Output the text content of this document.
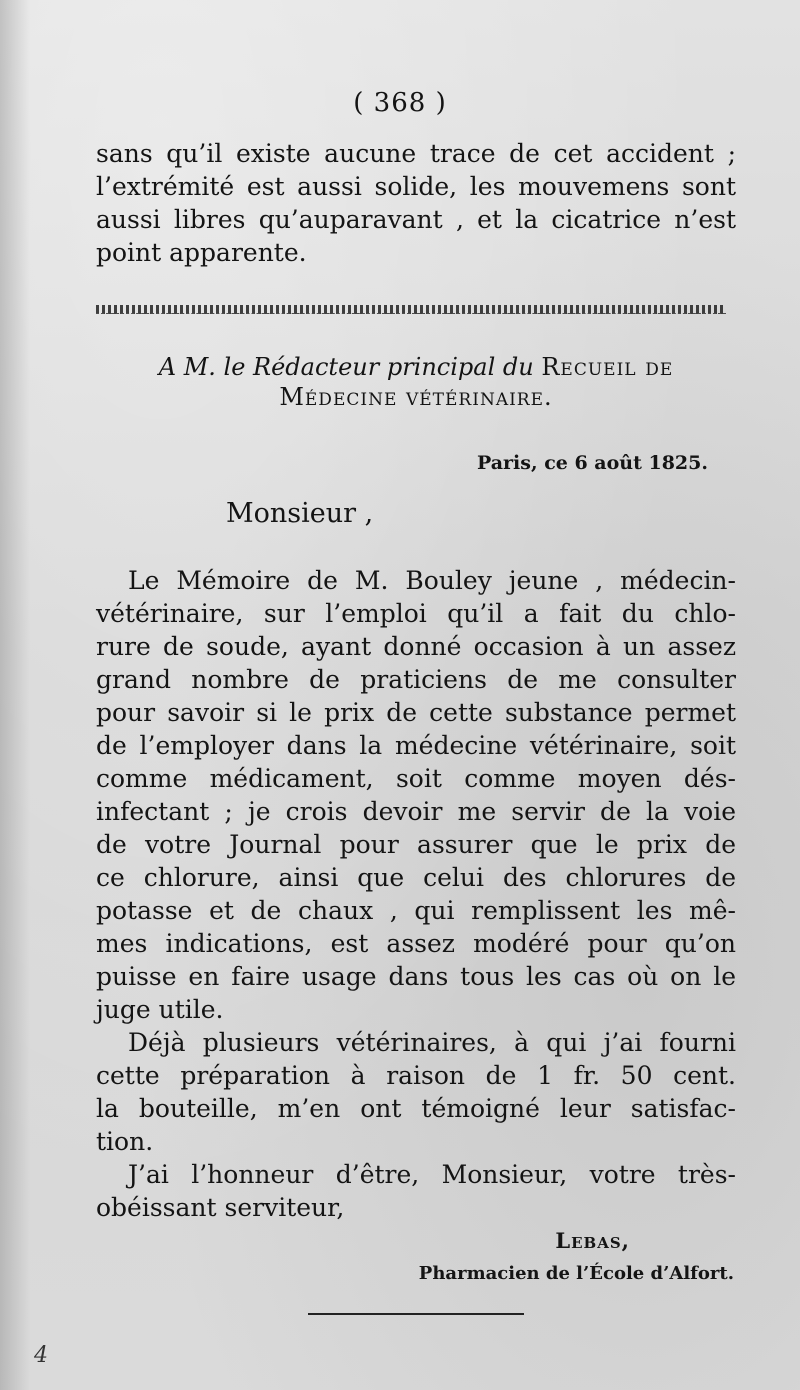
( 368 )
sans qu’il existe aucune trace de cet accident ;
l’extrémité est aussi solide, les mouvemens sont
aussi libres qu’auparavant , et la cicatrice n’est
point apparente.
A M. le Rédacteur principal du Recueil de
Médecine vétérinaire.
Paris, ce 6 août 1825.
Monsieur ,
Le Mémoire de M. Bouley jeune , médecin-
vétérinaire, sur l’emploi qu’il a fait du chlo-
rure de soude, ayant donné occasion à un assez
grand nombre de praticiens de me consulter
pour savoir si le prix de cette substance permet
de l’employer dans la médecine vétérinaire, soit
comme médicament, soit comme moyen dés-
infectant ; je crois devoir me servir de la voie
de votre Journal pour assurer que le prix de
ce chlorure, ainsi que celui des chlorures de
potasse et de chaux , qui remplissent les mê-
mes indications, est assez modéré pour qu’on
puisse en faire usage dans tous les cas où on le
juge utile.
Déjà plusieurs vétérinaires, à qui j’ai fourni
cette préparation à raison de 1 fr. 50 cent.
la bouteille, m’en ont témoigné leur satisfac-
tion.
J’ai l’honneur d’être, Monsieur, votre très-
obéissant serviteur,
Lebas,
Pharmacien de l’École d’Alfort.
4
